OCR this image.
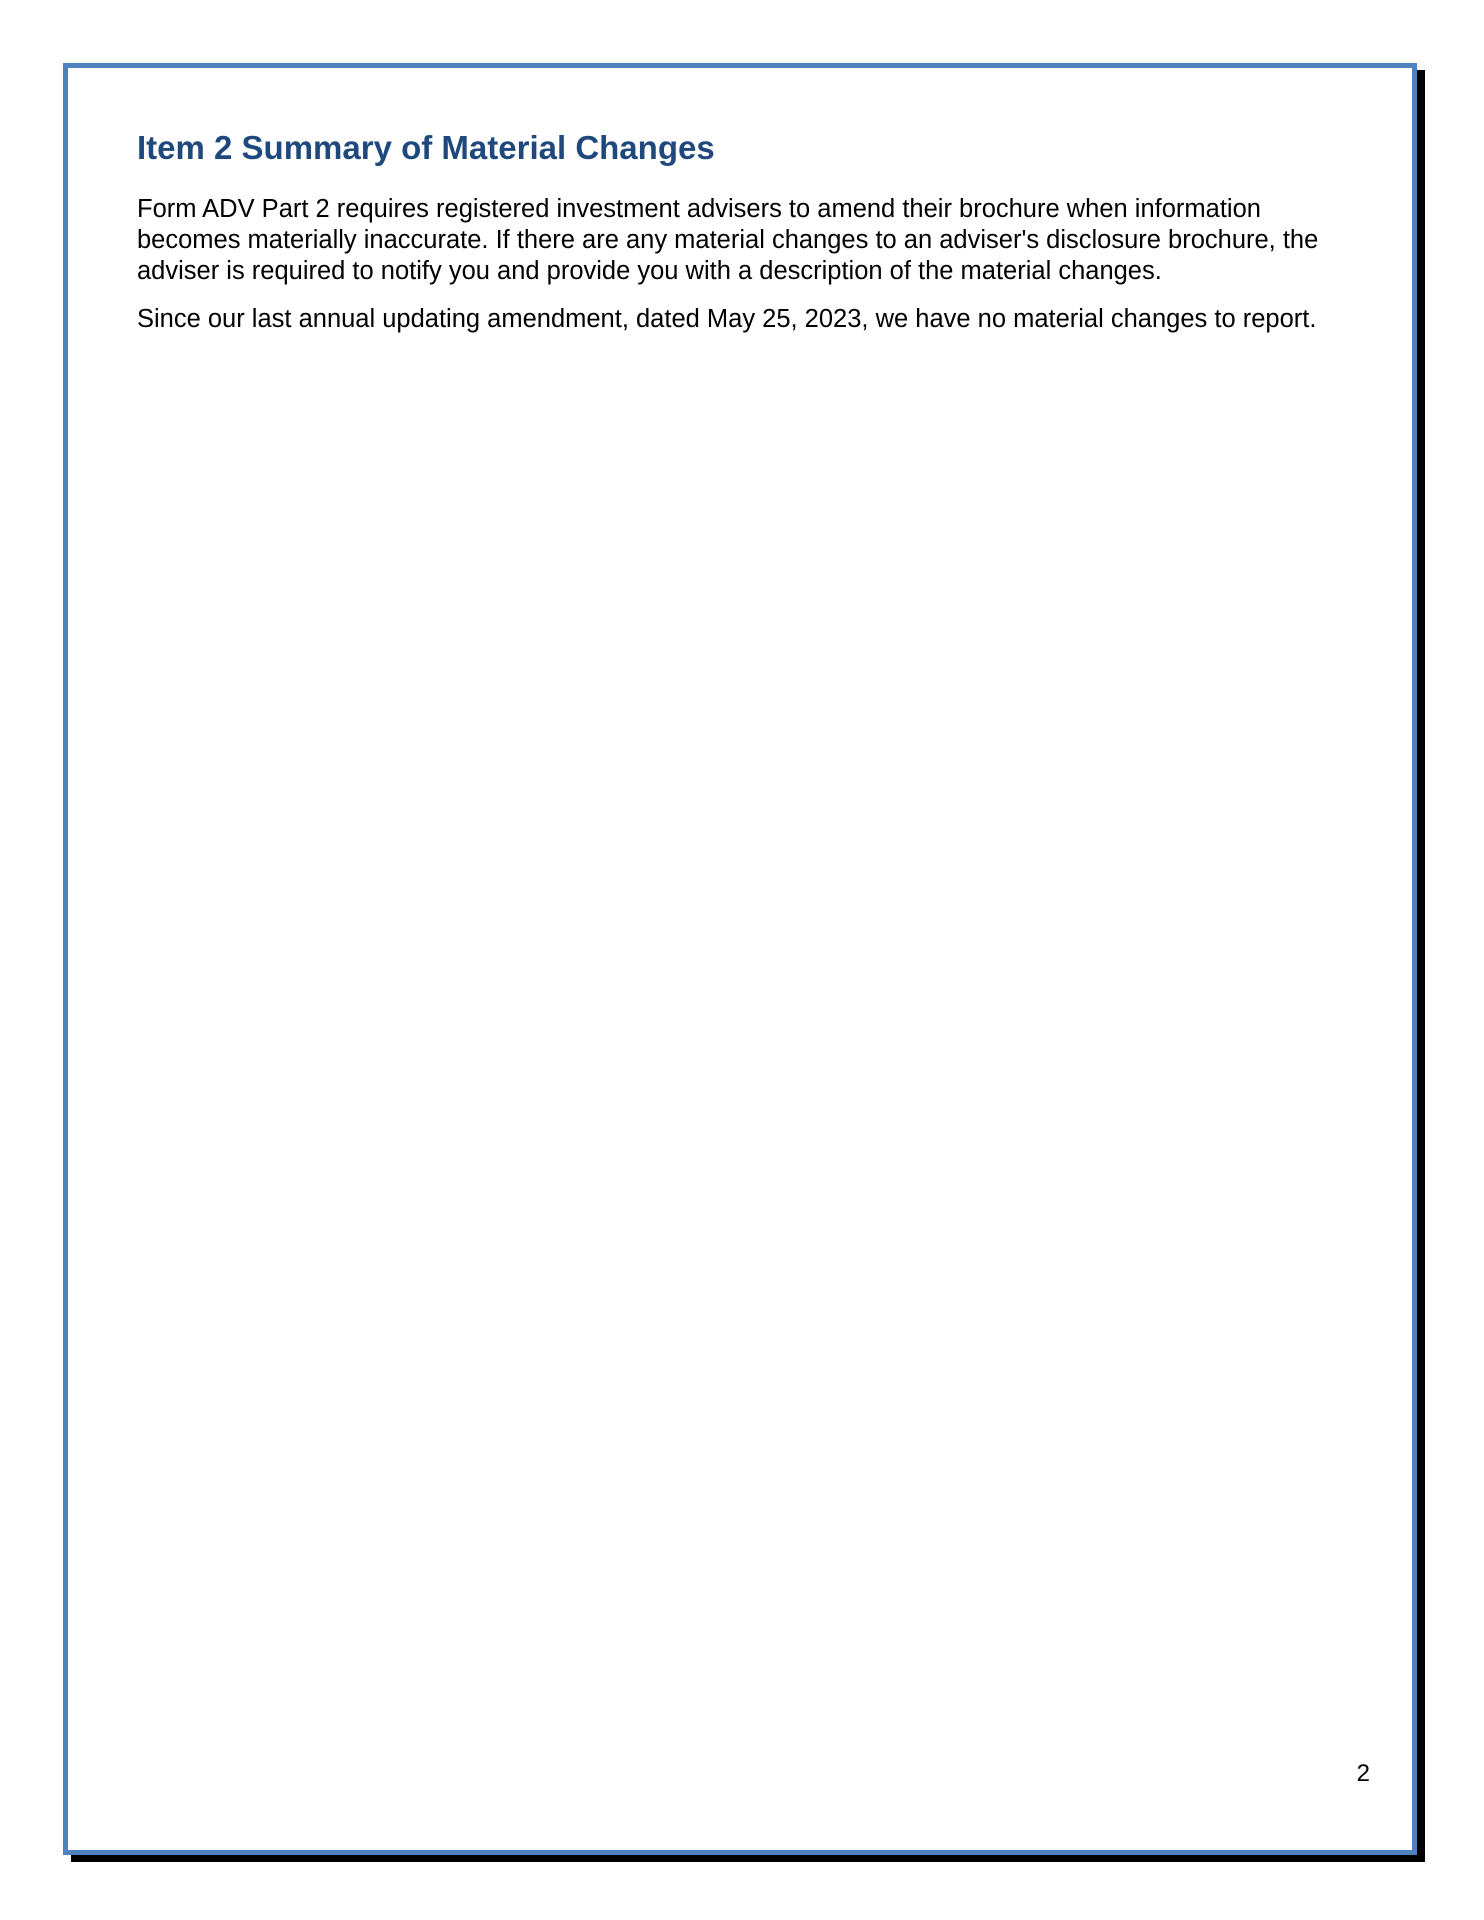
Item 2 Summary of Material Changes

Form ADV Part 2 requires registered investment advisers to amend their brochure when information becomes materially inaccurate. If there are any material changes to an adviser's disclosure brochure, the adviser is required to notify you and provide you with a description of the material changes.

Since our last annual updating amendment, dated May 25, 2023, we have no material changes to report.

2
